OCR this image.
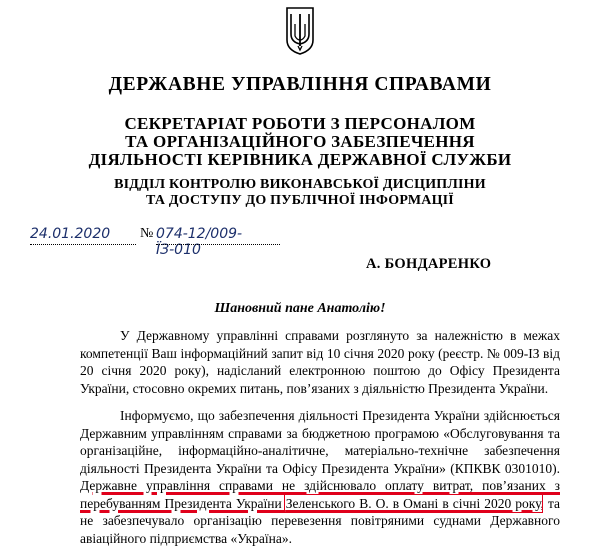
ДЕРЖАВНЕ УПРАВЛІННЯ СПРАВАМИ
СЕКРЕТАРІАТ РОБОТИ З ПЕРСОНАЛОМ
ТА ОРГАНІЗАЦІЙНОГО ЗАБЕЗПЕЧЕННЯ
ДІЯЛЬНОСТІ КЕРІВНИКА ДЕРЖАВНОЇ СЛУЖБИ
ВІДДІЛ КОНТРОЛЮ ВИКОНАВСЬКОЇ ДИСЦИПЛІНИ
ТА ДОСТУПУ ДО ПУБЛІЧНОЇ ІНФОРМАЦІЇ
24.01.2020	№ 074-12/009-ЇЗ-010
А. БОНДАРЕНКО
Шановний пане Анатолію!
У Державному управлінні справами розглянуто за належністю в межах компетенції Ваш інформаційний запит від 10 січня 2020 року (реєстр. № 009-ІЗ від 20 січня 2020 року), надісланий електронною поштою до Офісу Президента України, стосовно окремих питань, пов’язаних з діяльністю Президента України.
Інформуємо, що забезпечення діяльності Президента України здійснюється Державним управлінням справами за бюджетною програмою «Обслуговування та організаційне, інформаційно-аналітичне, матеріально-технічне забезпечення діяльності Президента України та Офісу Президента України» (КПКВК 0301010). Державне управління справами не здійснювало оплату витрат, пов’язаних з перебуванням Президента України Зеленського В. О. в Омані в січні 2020 року, та не забезпечувало організацію перевезення повітряними суднами Державного авіаційного підприємства «Україна».
